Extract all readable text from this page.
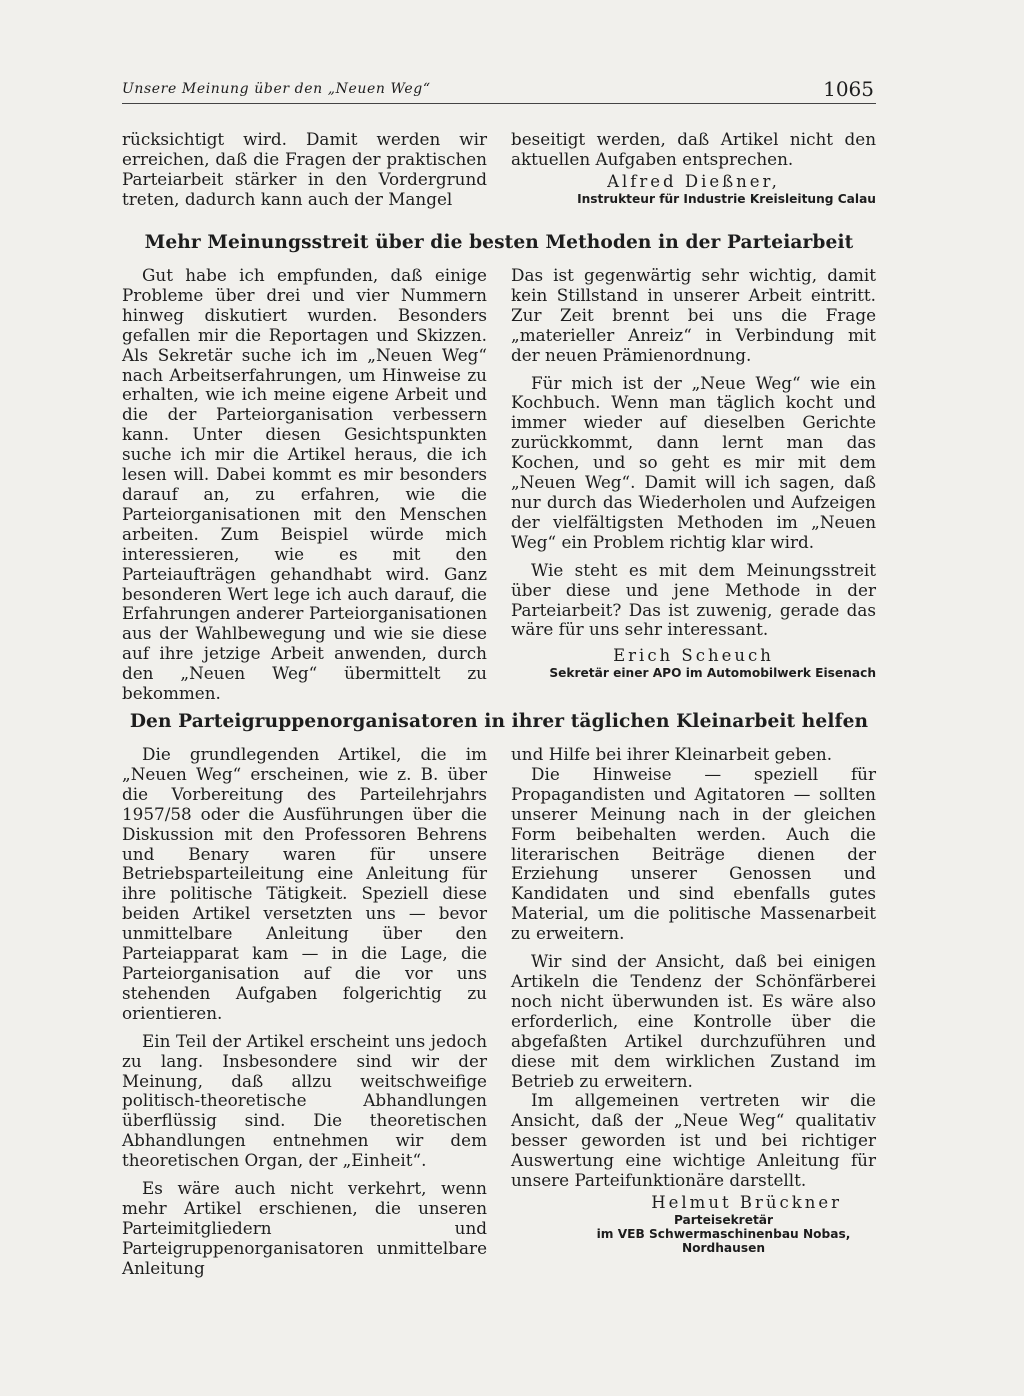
Unsere Meinung über den „Neuen Weg“	1065

rücksichtigt wird. Damit werden wir erreichen, daß die Fragen der praktischen Parteiarbeit stärker in den Vordergrund treten, dadurch kann auch der Mangel

beseitigt werden, daß Artikel nicht den aktuellen Aufgaben entsprechen.

Alfred Dießner,
Instrukteur für Industrie Kreisleitung Calau
Mehr Meinungsstreit über die besten Methoden in der Parteiarbeit

Gut habe ich empfunden, daß einige Probleme über drei und vier Nummern hinweg diskutiert wurden. Besonders gefallen mir die Reportagen und Skizzen. Als Sekretär suche ich im „Neuen Weg“ nach Arbeitserfahrungen, um Hinweise zu erhalten, wie ich meine eigene Arbeit und die der Parteiorganisation verbessern kann. Unter diesen Gesichtspunkten suche ich mir die Artikel heraus, die ich lesen will. Dabei kommt es mir besonders darauf an, zu erfahren, wie die Parteiorganisationen mit den Menschen arbeiten. Zum Beispiel würde mich interessieren, wie es mit den Parteiaufträgen gehandhabt wird. Ganz besonderen Wert lege ich auch darauf, die Erfahrungen anderer Parteiorganisationen aus der Wahlbewegung und wie sie diese auf ihre jetzige Arbeit anwenden, durch den „Neuen Weg“ übermittelt zu bekommen.

Das ist gegenwärtig sehr wichtig, damit kein Stillstand in unserer Arbeit eintritt. Zur Zeit brennt bei uns die Frage „materieller Anreiz“ in Verbindung mit der neuen Prämienordnung.

Für mich ist der „Neue Weg“ wie ein Kochbuch. Wenn man täglich kocht und immer wieder auf dieselben Gerichte zurückkommt, dann lernt man das Kochen, und so geht es mir mit dem „Neuen Weg“. Damit will ich sagen, daß nur durch das Wiederholen und Aufzeigen der vielfältigsten Methoden im „Neuen Weg“ ein Problem richtig klar wird.

Wie steht es mit dem Meinungsstreit über diese und jene Methode in der Parteiarbeit? Das ist zuwenig, gerade das wäre für uns sehr interessant.

Erich Scheuch
Sekretär einer APO im Automobilwerk Eisenach
Den Parteigruppenorganisatoren in ihrer täglichen Kleinarbeit helfen

Die grundlegenden Artikel, die im „Neuen Weg“ erscheinen, wie z. B. über die Vorbereitung des Parteilehrjahrs 1957/58 oder die Ausführungen über die Diskussion mit den Professoren Behrens und Benary waren für unsere Betriebsparteileitung eine Anleitung für ihre politische Tätigkeit. Speziell diese beiden Artikel versetzten uns — bevor unmittelbare Anleitung über den Parteiapparat kam — in die Lage, die Parteiorganisation auf die vor uns stehenden Aufgaben folgerichtig zu orientieren.

Ein Teil der Artikel erscheint uns jedoch zu lang. Insbesondere sind wir der Meinung, daß allzu weitschweifige politisch-theoretische Abhandlungen überflüssig sind. Die theoretischen Abhandlungen entnehmen wir dem theoretischen Organ, der „Einheit“.

Es wäre auch nicht verkehrt, wenn mehr Artikel erschienen, die unseren Parteimitgliedern und Parteigruppenorganisatoren unmittelbare Anleitung

und Hilfe bei ihrer Kleinarbeit geben.

Die Hinweise — speziell für Propagandisten und Agitatoren — sollten unserer Meinung nach in der gleichen Form beibehalten werden. Auch die literarischen Beiträge dienen der Erziehung unserer Genossen und Kandidaten und sind ebenfalls gutes Material, um die politische Massenarbeit zu erweitern.

Wir sind der Ansicht, daß bei einigen Artikeln die Tendenz der Schönfärberei noch nicht überwunden ist. Es wäre also erforderlich, eine Kontrolle über die abgefaßten Artikel durchzuführen und diese mit dem wirklichen Zustand im Betrieb zu erweitern.

Im allgemeinen vertreten wir die Ansicht, daß der „Neue Weg“ qualitativ besser geworden ist und bei richtiger Auswertung eine wichtige Anleitung für unsere Parteifunktionäre darstellt.

Helmut Brückner
Parteisekretär
im VEB Schwermaschinenbau Nobas,
Nordhausen
